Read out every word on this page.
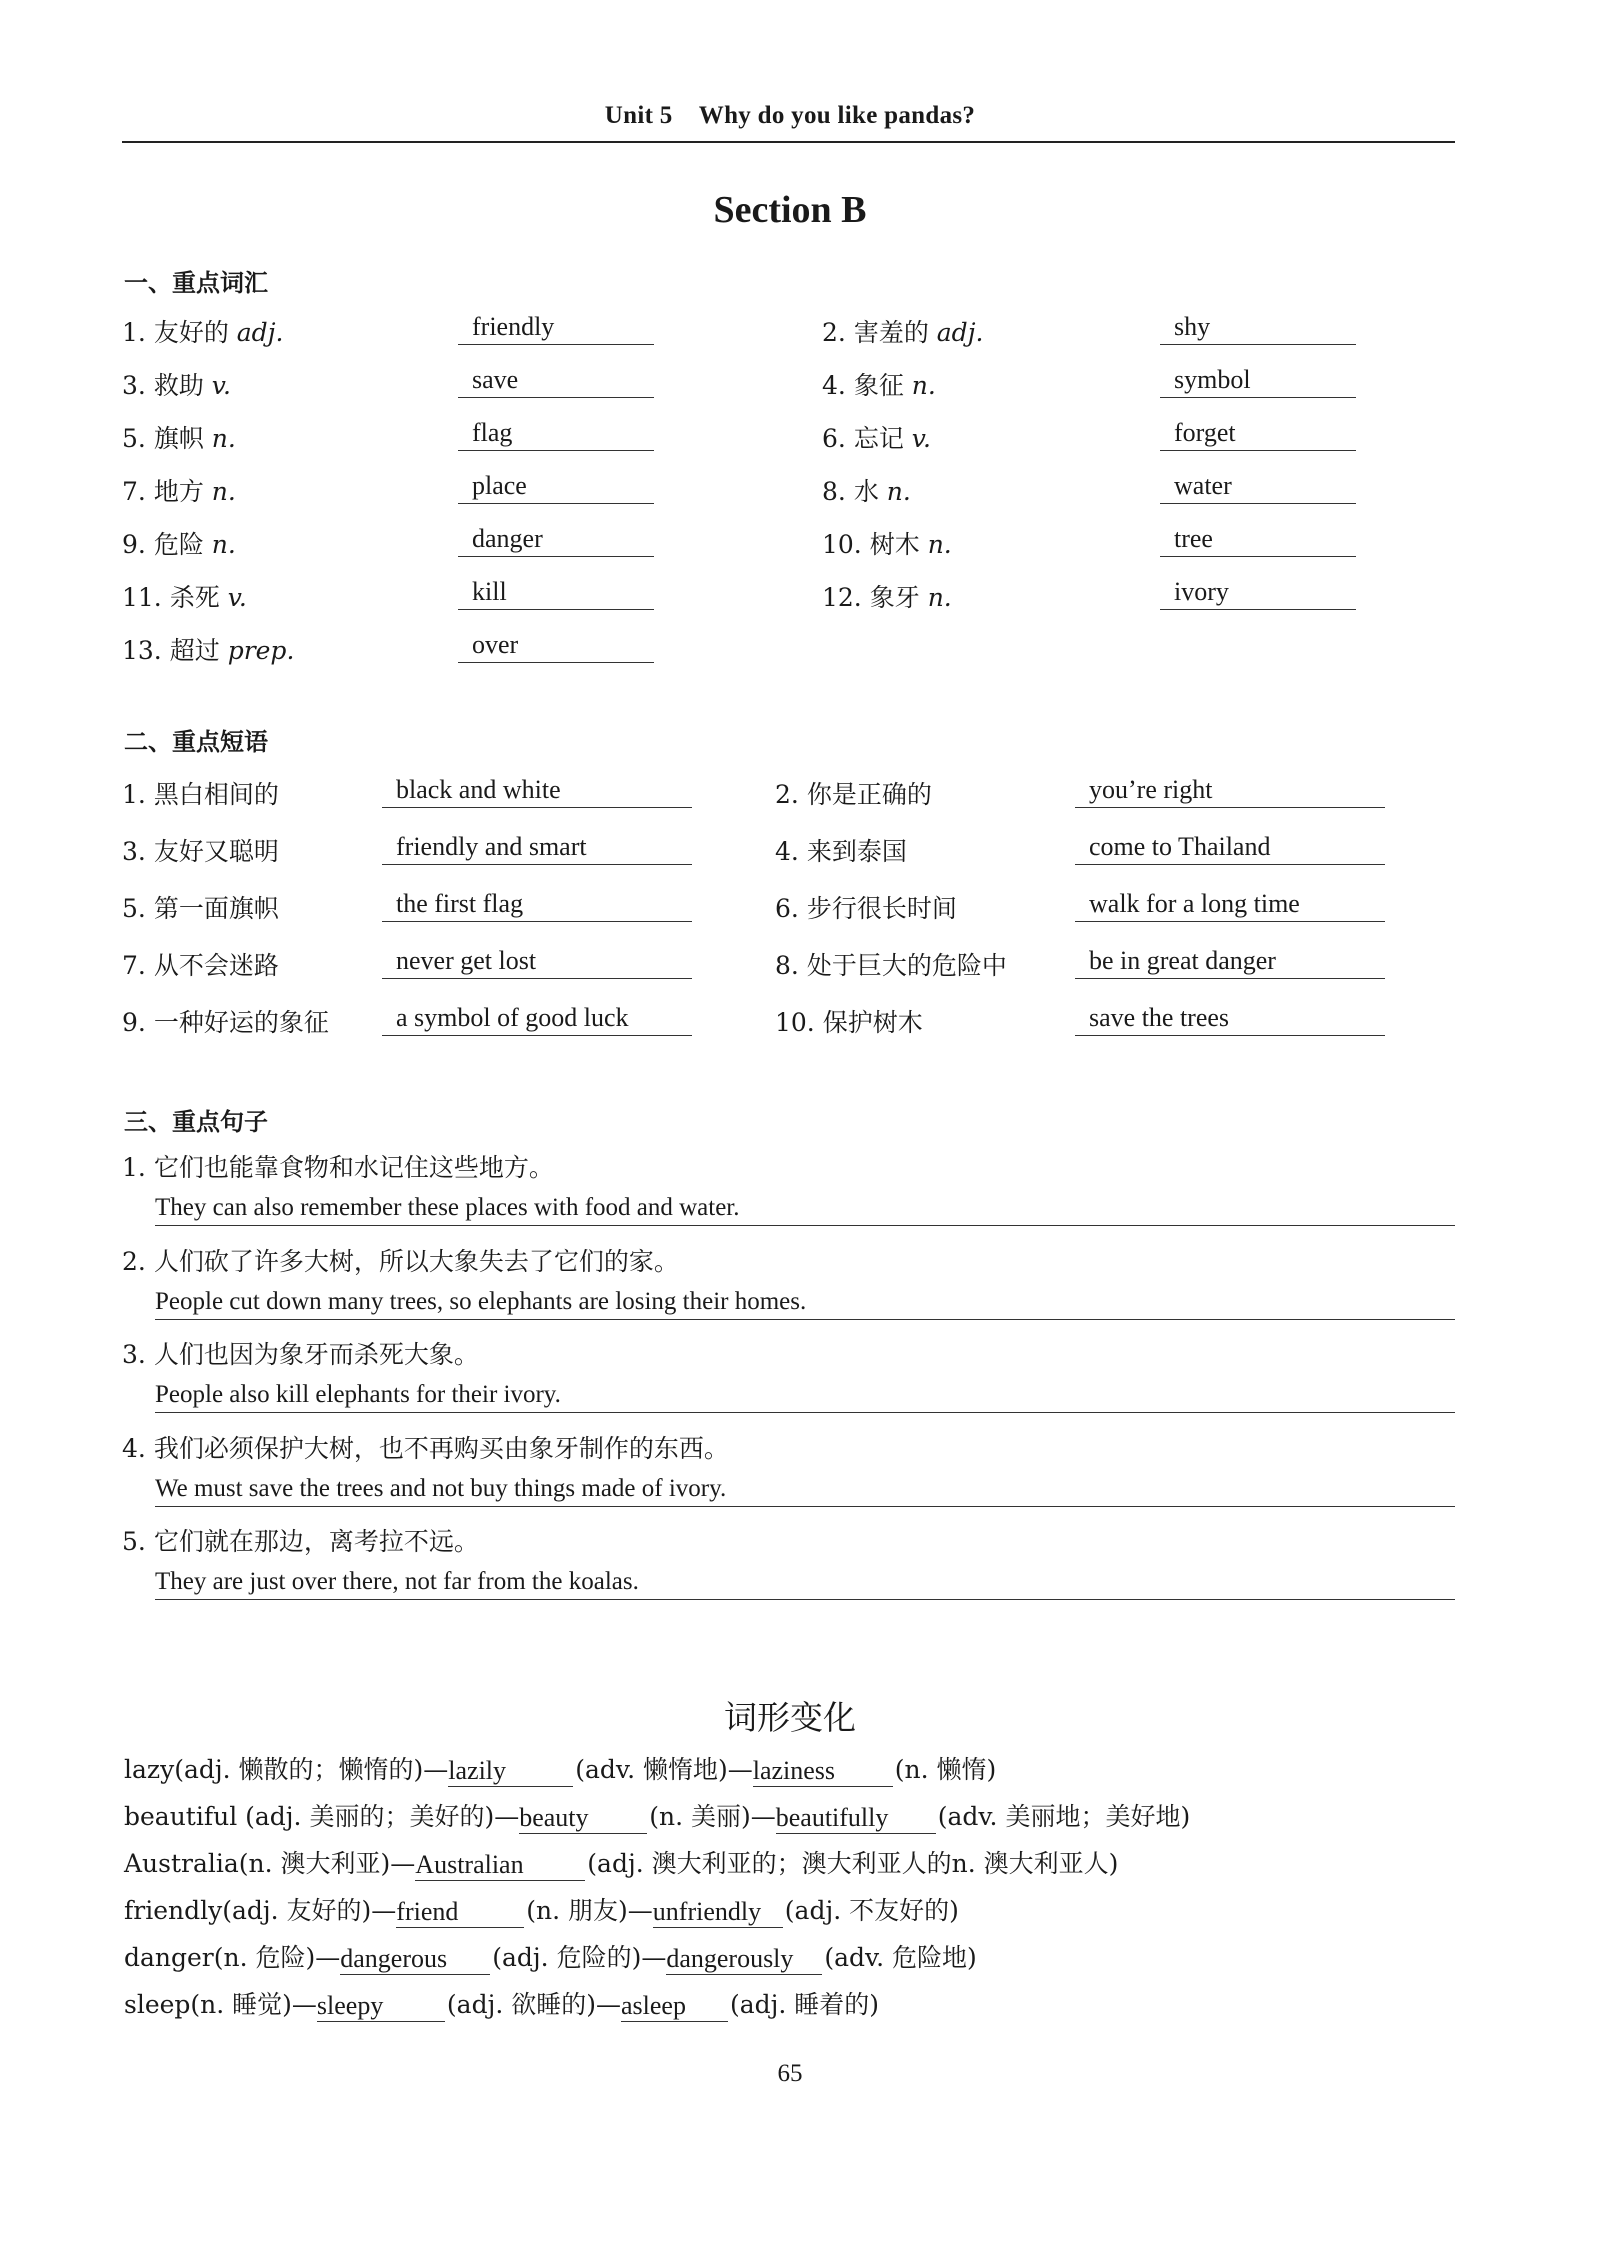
Unit 5 Why do you like pandas?
Section B
一、重点词汇
1. 友好的 adj.	friendly	2. 害羞的 adj.	shy
3. 救助 v.	save	4. 象征 n.	symbol
5. 旗帜 n.	flag	6. 忘记 v.	forget
7. 地方 n.	place	8. 水 n.	water
9. 危险 n.	danger	10. 树木 n.	tree
11. 杀死 v.	kill	12. 象牙 n.	ivory
13. 超过 prep.	over
二、重点短语
1. 黑白相间的	black and white	2. 你是正确的	you’re right
3. 友好又聪明	friendly and smart	4. 来到泰国	come to Thailand
5. 第一面旗帜	the first flag	6. 步行很长时间	walk for a long time
7. 从不会迷路	never get lost	8. 处于巨大的危险中	be in great danger
9. 一种好运的象征	a symbol of good luck	10. 保护树木	save the trees
三、重点句子
1. 它们也能靠食物和水记住这些地方。
They can also remember these places with food and water.
2. 人们砍了许多大树，所以大象失去了它们的家。
People cut down many trees, so elephants are losing their homes.
3. 人们也因为象牙而杀死大象。
People also kill elephants for their ivory.
4. 我们必须保护大树，也不再购买由象牙制作的东西。
We must save the trees and not buy things made of ivory.
5. 它们就在那边，离考拉不远。
They are just over there, not far from the koalas.
词形变化
lazy(adj. 懒散的；懒惰的)—lazily	(adv. 懒惰地)—laziness (n. 懒惰)
beautiful (adj. 美丽的；美好的)—beauty (n. 美丽)—beautifully (adv. 美丽地；美好地)
Australia(n. 澳大利亚)—Australian	(adj. 澳大利亚的；澳大利亚人的n. 澳大利亚人)
friendly(adj. 友好的)—friend	(n. 朋友)—unfriendly (adj. 不友好的)
danger(n. 危险)—dangerous (adj. 危险的)—dangerously (adv. 危险地)
sleep(n. 睡觉)—sleepy	(adj. 欲睡的)—asleep (adj. 睡着的)
65
